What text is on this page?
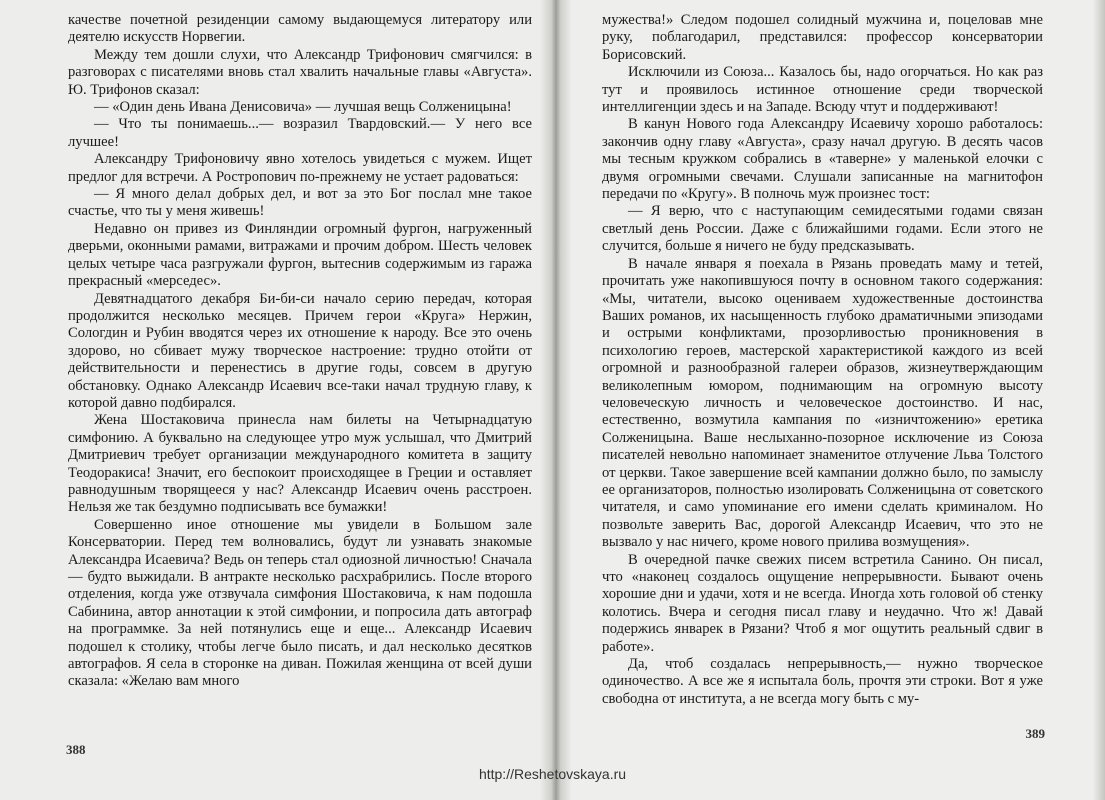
качестве почетной резиденции самому выдающемуся литератору или деятелю искусств Норвегии.

Между тем дошли слухи, что Александр Трифонович смягчился: в разговорах с писателями вновь стал хвалить начальные главы «Августа». Ю. Трифонов сказал:

— «Один день Ивана Денисовича» — лучшая вещь Солженицына!

— Что ты понимаешь...— возразил Твардовский.— У него все лучшее!

Александру Трифоновичу явно хотелось увидеться с мужем. Ищет предлог для встречи. А Ростропович по-прежнему не устает радоваться:

— Я много делал добрых дел, и вот за это Бог послал мне такое счастье, что ты у меня живешь!

Недавно он привез из Финляндии огромный фургон, нагруженный дверьми, оконными рамами, витражами и прочим добром. Шесть человек целых четыре часа разгружали фургон, вытеснив содержимым из гаража прекрасный «мерседес».

Девятнадцатого декабря Би-би-си начало серию передач, которая продолжится несколько месяцев. Причем герои «Круга» Нержин, Сологдин и Рубин вводятся через их отношение к народу. Все это очень здорово, но сбивает мужу творческое настроение: трудно отойти от действительности и перенестись в другие годы, совсем в другую обстановку. Однако Александр Исаевич все-таки начал трудную главу, к которой давно подбирался.

Жена Шостаковича принесла нам билеты на Четырнадцатую симфонию. А буквально на следующее утро муж услышал, что Дмитрий Дмитриевич требует организации международного комитета в защиту Теодоракиса! Значит, его беспокоит происходящее в Греции и оставляет равнодушным творящееся у нас? Александр Исаевич очень расстроен. Нельзя же так бездумно подписывать все бумажки!

Совершенно иное отношение мы увидели в Большом зале Консерватории. Перед тем волновались, будут ли узнавать знакомые Александра Исаевича? Ведь он теперь стал одиозной личностью! Сначала — будто выжидали. В антракте несколько расхрабрились. После второго отделения, когда уже отзвучала симфония Шостаковича, к нам подошла Сабинина, автор аннотации к этой симфонии, и попросила дать автограф на программке. За ней потянулись еще и еще... Александр Исаевич подошел к столику, чтобы легче было писать, и дал несколько десятков автографов. Я села в сторонке на диван. Пожилая женщина от всей души сказала: «Желаю вам много

388

мужества!» Следом подошел солидный мужчина и, поцеловав мне руку, поблагодарил, представился: профессор консерватории Борисовский.

Исключили из Союза... Казалось бы, надо огорчаться. Но как раз тут и проявилось истинное отношение среди творческой интеллигенции здесь и на Западе. Всюду чтут и поддерживают!

В канун Нового года Александру Исаевичу хорошо работалось: закончив одну главу «Августа», сразу начал другую. В десять часов мы тесным кружком собрались в «таверне» у маленькой елочки с двумя огромными свечами. Слушали записанные на магнитофон передачи по «Кругу». В полночь муж произнес тост:

— Я верю, что с наступающим семидесятыми годами связан светлый день России. Даже с ближайшими годами. Если этого не случится, больше я ничего не буду предсказывать.

В начале января я поехала в Рязань проведать маму и тетей, прочитать уже накопившуюся почту в основном такого содержания: «Мы, читатели, высоко оцениваем художественные достоинства Ваших романов, их насыщенность глубоко драматичными эпизодами и острыми конфликтами, прозорливостью проникновения в психологию героев, мастерской характеристикой каждого из всей огромной и разнообразной галереи образов, жизнеутверждающим великолепным юмором, поднимающим на огромную высоту человеческую личность и человеческое достоинство. И нас, естественно, возмутила кампания по «изничтожению» еретика Солженицына. Ваше неслыханно-позорное исключение из Союза писателей невольно напоминает знаменитое отлучение Льва Толстого от церкви. Такое завершение всей кампании должно было, по замыслу ее организаторов, полностью изолировать Солженицына от советского читателя, и само упоминание его имени сделать криминалом. Но позвольте заверить Вас, дорогой Александр Исаевич, что это не вызвало у нас ничего, кроме нового прилива возмущения».

В очередной пачке свежих писем встретила Санино. Он писал, что «наконец создалось ощущение непрерывности. Бывают очень хорошие дни и удачи, хотя и не всегда. Иногда хоть головой об стенку колотись. Вчера и сегодня писал главу и неудачно. Что ж! Давай подержись январек в Рязани? Чтоб я мог ощутить реальный сдвиг в работе».

Да, чтоб создалась непрерывность,— нужно творческое одиночество. А все же я испытала боль, прочтя эти строки. Вот я уже свободна от института, а не всегда могу быть с му-

389
http://Reshetovskaya.ru
